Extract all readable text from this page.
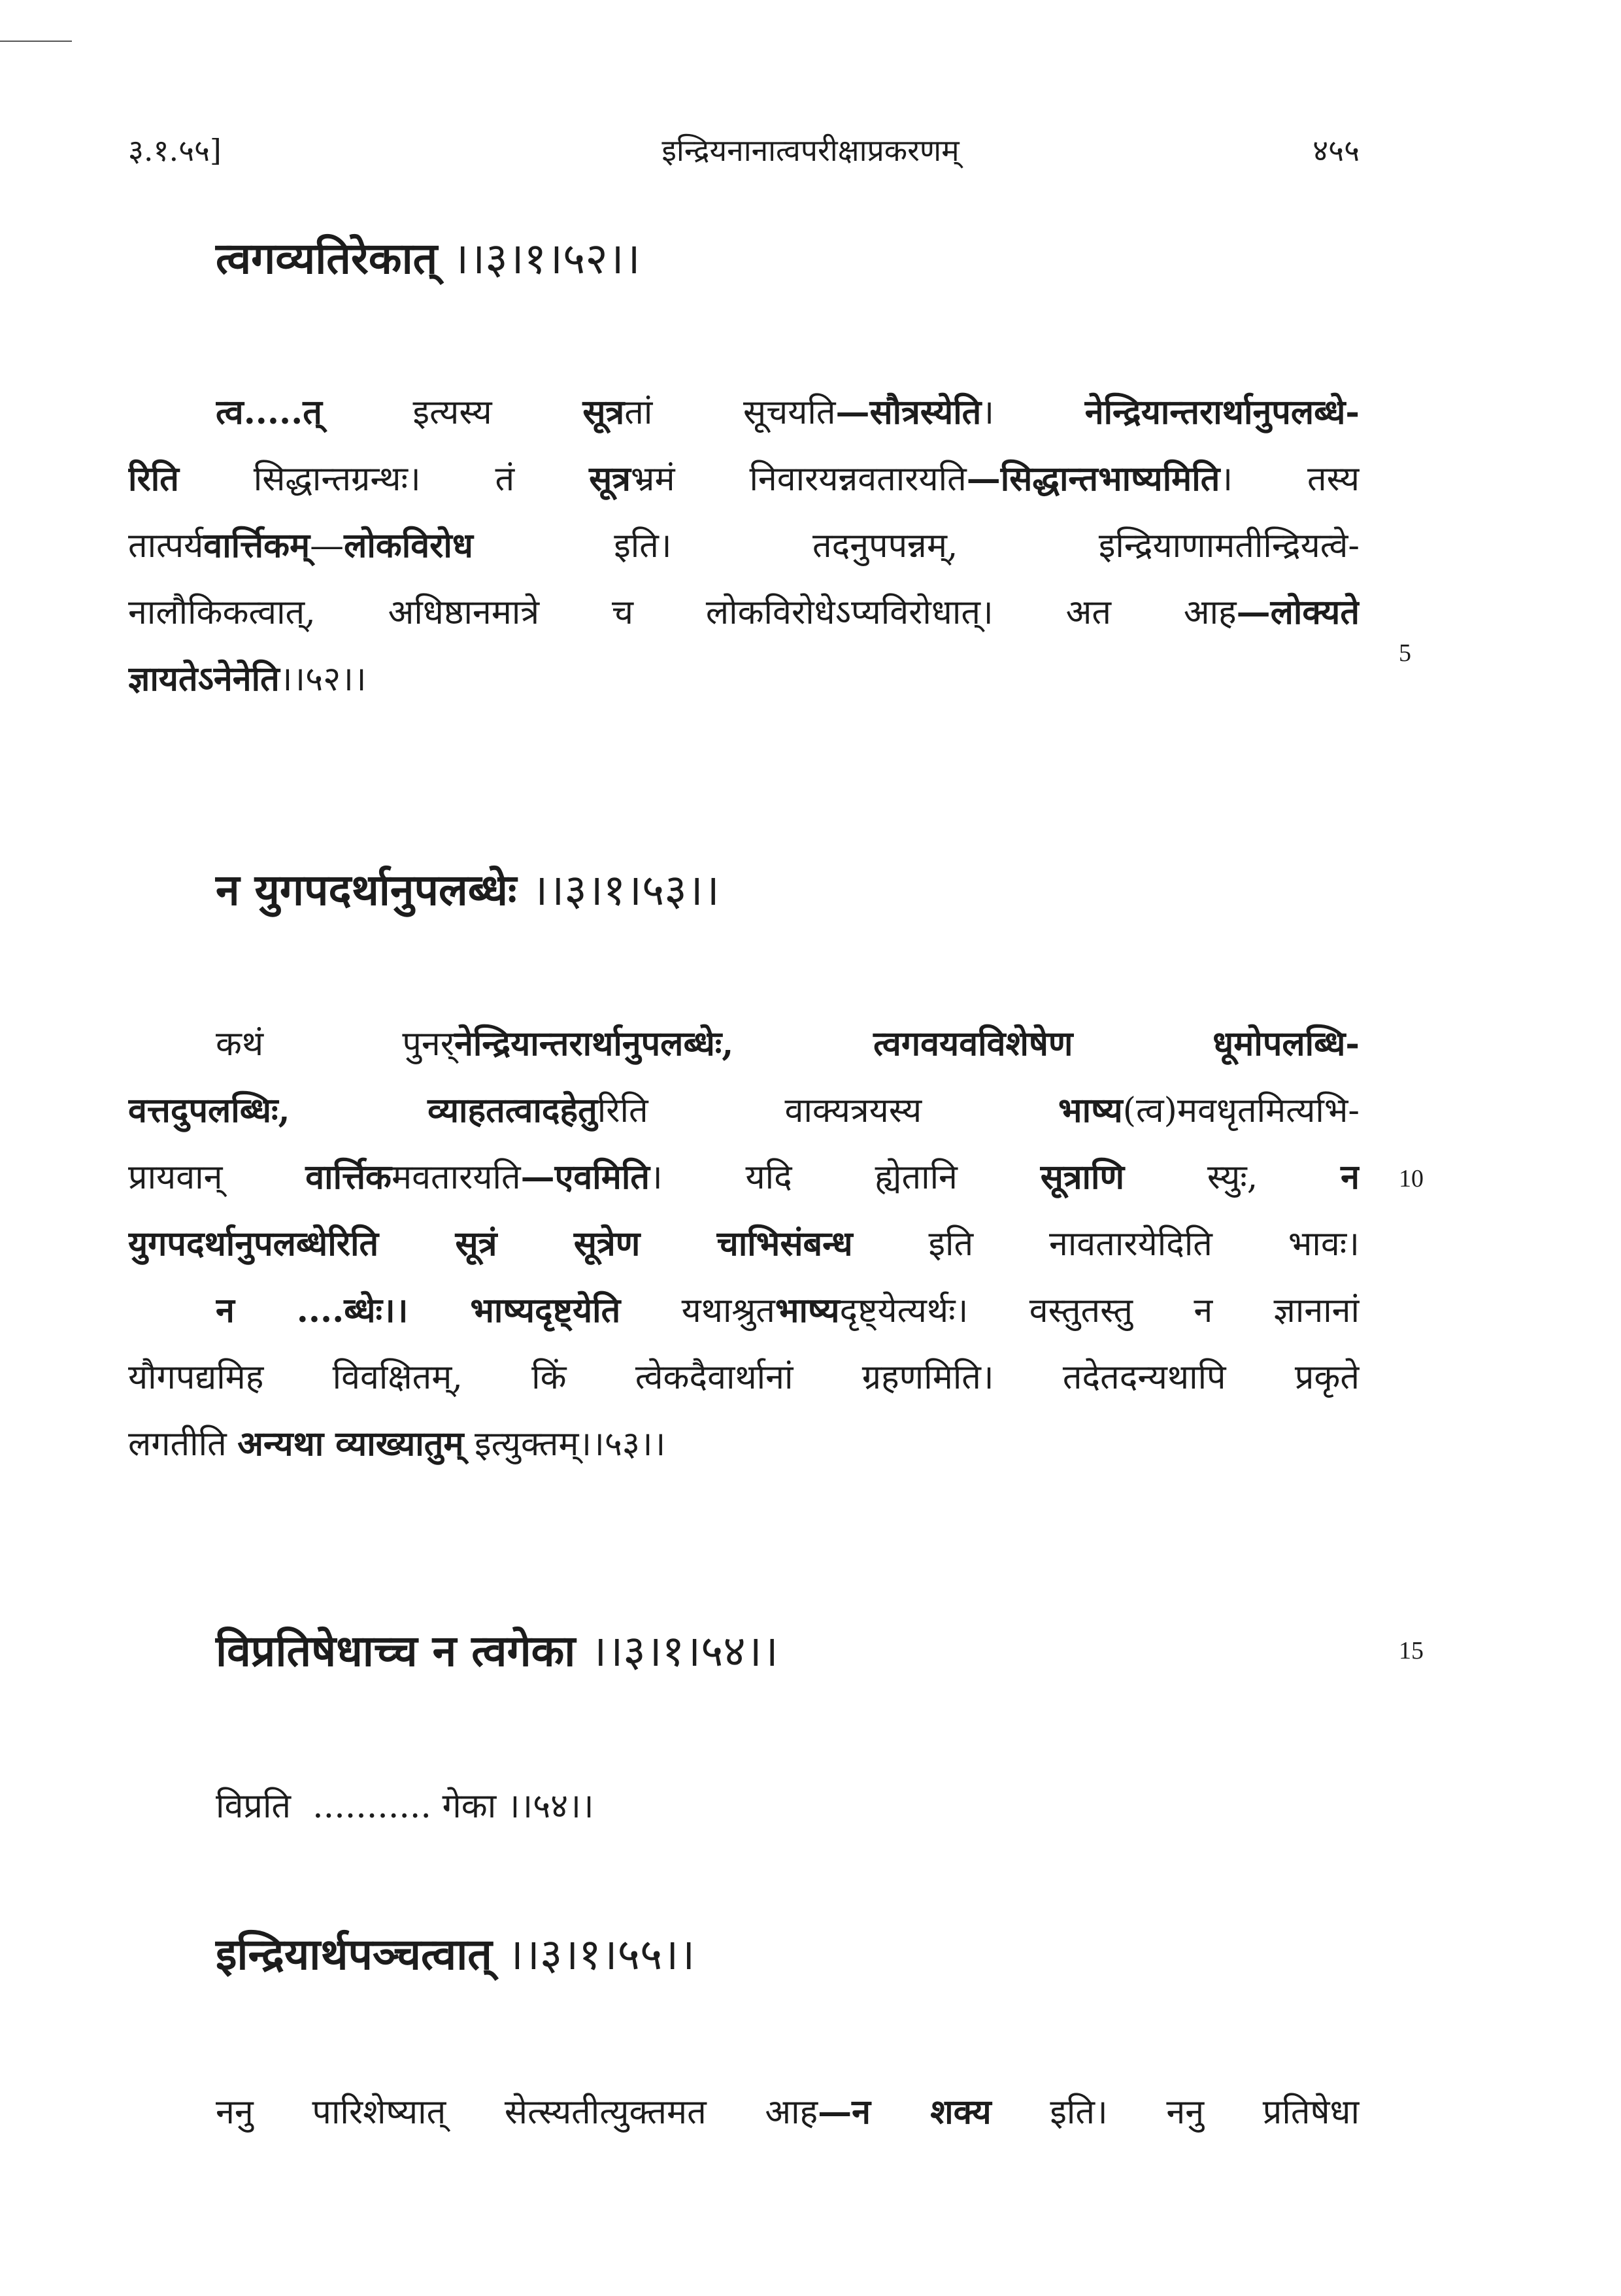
३.१.५५]	इन्द्रियनानात्वपरीक्षाप्रकरणम्	४५५
त्वगव्यतिरेकात् ।।३।१।५२।।
त्व.....त् इत्यस्य सूत्रतां सूचयति—सौत्रस्येति। नेन्द्रियान्तरार्थानुपलब्धे-
रिति सिद्धान्तग्रन्थः। तं सूत्रभ्रमं निवारयन्नवतारयति—सिद्धान्तभाष्यमिति। तस्य
तात्पर्यवार्त्तिकम्—लोकविरोध इति। तदनुपपन्नम्, इन्द्रियाणामतीन्द्रियत्वे-
नालौकिकत्वात्, अधिष्ठानमात्रे च लोकविरोधेऽप्यविरोधात्। अत आह—लोक्यते
ज्ञायतेऽनेनेति।।५२।।
5
न युगपदर्थानुपलब्धेः ।।३।१।५३।।
कथं पुनर्नेन्द्रियान्तरार्थानुपलब्धेः, त्वगवयवविशेषेण धूमोपलब्धि-
वत्तदुपलब्धिः, व्याहतत्वादहेतुरिति वाक्यत्रयस्य भाष्य(त्व)मवधृतमित्यभि-
प्रायवान् वार्त्तिकमवतारयति—एवमिति। यदि ह्येतानि सूत्राणि स्युः, न
युगपदर्थानुपलब्धेरिति सूत्रं सूत्रेण चाभिसंबन्ध इति नावतारयेदिति भावः।
न ....ब्धेः।। भाष्यदृष्ट्येति यथाश्रुतभाष्यदृष्ट्येत्यर्थः। वस्तुतस्तु न ज्ञानानां
यौगपद्यमिह विवक्षितम्, किं त्वेकदैवार्थानां ग्रहणमिति। तदेतदन्यथापि प्रकृते
लगतीति अन्यथा व्याख्यातुम् इत्युक्तम्।।५३।।
10
विप्रतिषेधाच्च न त्वगेका ।।३।१।५४।।	15
विप्रति  ........... गेका ।।५४।।
इन्द्रियार्थपञ्चत्वात् ।।३।१।५५।।
ननु पारिशेष्यात् सेत्स्यतीत्युक्तमत आह—न शक्य इति। ननु प्रतिषेधा
